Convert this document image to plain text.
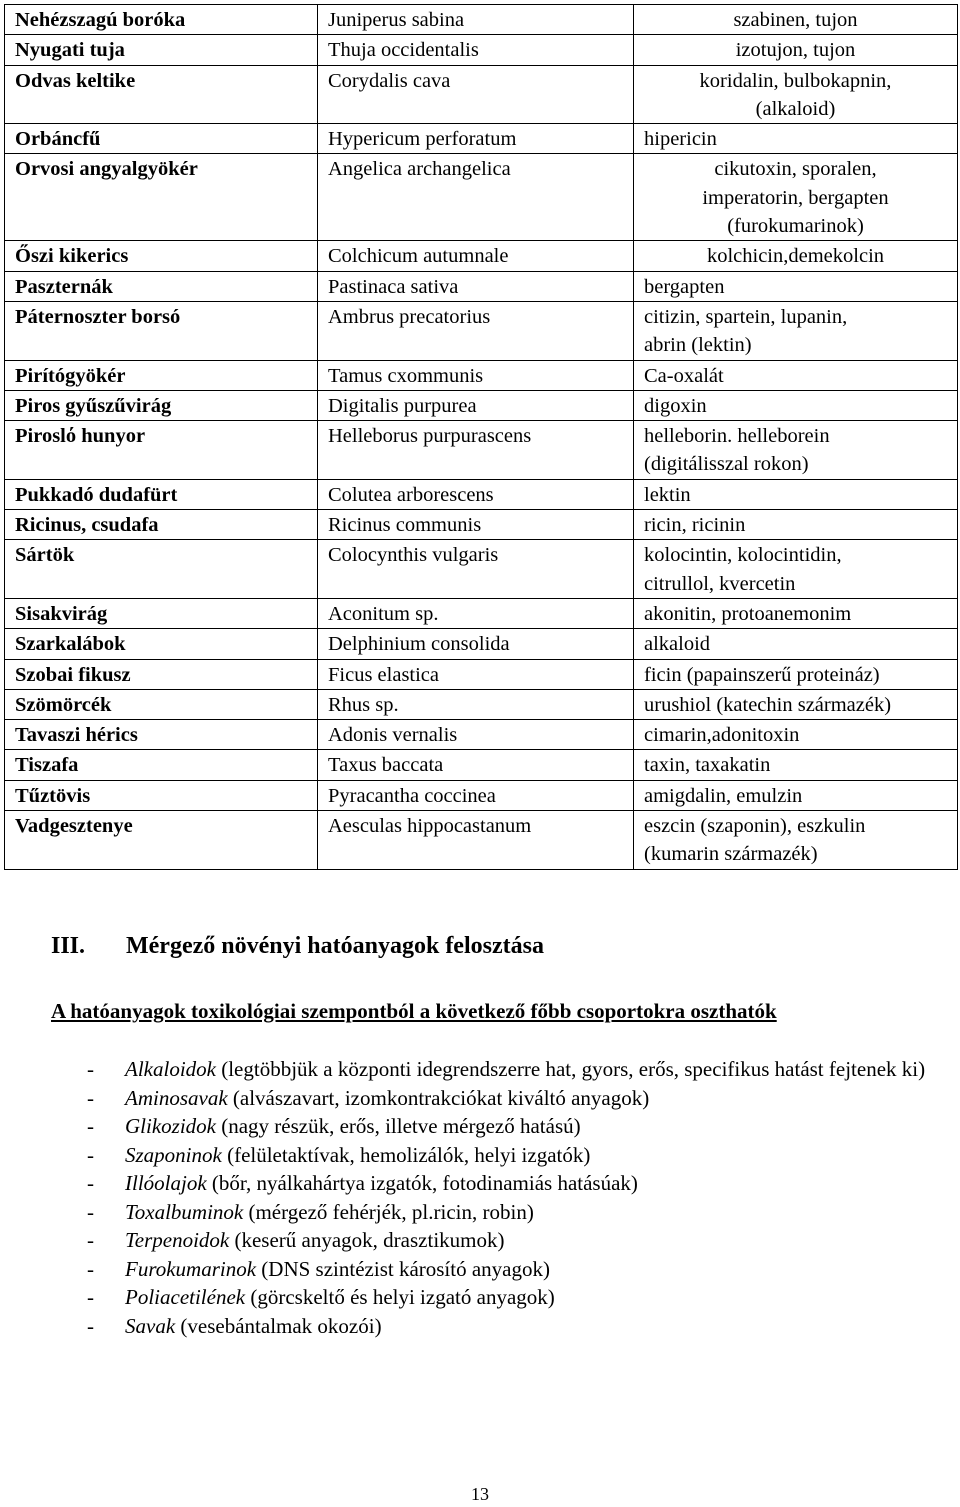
Nehézszagú boróka	Juniperus sabina	szabinen, tujon

Nyugati tuja	Thuja occidentalis	izotujon, tujon

Odvas keltike	Corydalis cava	koridalin, bulbokapnin,
(alkaloid)

Orbáncfű	Hypericum perforatum	hipericin

Orvosi angyalgyökér	Angelica archangelica	cikutoxin, sporalen,
imperatorin, bergapten
(furokumarinok)

Őszi kikerics	Colchicum autumnale	kolchicin,demekolcin

Paszternák	Pastinaca sativa	bergapten

Páternoszter borsó	Ambrus precatorius	citizin, spartein, lupanin,
abrin (lektin)

Pirítógyökér	Tamus cxommunis	Ca-oxalát

Piros gyűszűvirág	Digitalis purpurea	digoxin

Piroslό hunyor	Helleborus purpurascens	helleborin. helleborein
(digitálisszal rokon)

Pukkadó dudafürt	Colutea arborescens	lektin

Ricinus, csudafa	Ricinus communis	ricin, ricinin

Sártök	Colocynthis vulgaris	kolocintin, kolocintidin,
citrullol, kvercetin

Sisakvirág	Aconitum sp.	akonitin, protoanemonim

Szarkalábok	Delphinium consolida	alkaloid

Szobai fikusz	Ficus elastica	ficin (papainszerű proteináz)

Szömörcék	Rhus sp.	urushiol (katechin származék)

Tavaszi hérics	Adonis vernalis	cimarin,adonitoxin

Tiszafa	Taxus baccata	taxin, taxakatin

Tűztövis	Pyracantha coccinea	amigdalin, emulzin

Vadgesztenye	Aesculas hippocastanum	eszcin (szaponin), eszkulin
(kumarin származék)
III. Mérgező növényi hatóanyagok felosztása
A hatóanyagok toxikológiai szempontból a következő főbb csoportokra oszthatók
- Alkaloidok (legtöbbjük a központi idegrendszerre hat, gyors, erős, specifikus hatást fejtenek ki)
- Aminosavak (alvászavart, izomkontrakciókat kiváltó anyagok)
- Glikozidok (nagy részük, erős, illetve mérgező hatású)
- Szaponinok (felületaktívak, hemolizálók, helyi izgatók)
- Illóolajok (bőr, nyálkahártya izgatók, fotodinamiás hatásúak)
- Toxalbuminok (mérgező fehérjék, pl.ricin, robin)
- Terpenoidok (keserű anyagok, drasztikumok)
- Furokumarinok (DNS szintézist károsító anyagok)
- Poliacetilének (görcskeltő és helyi izgató anyagok)
- Savak (vesebántalmak okozói)
13
